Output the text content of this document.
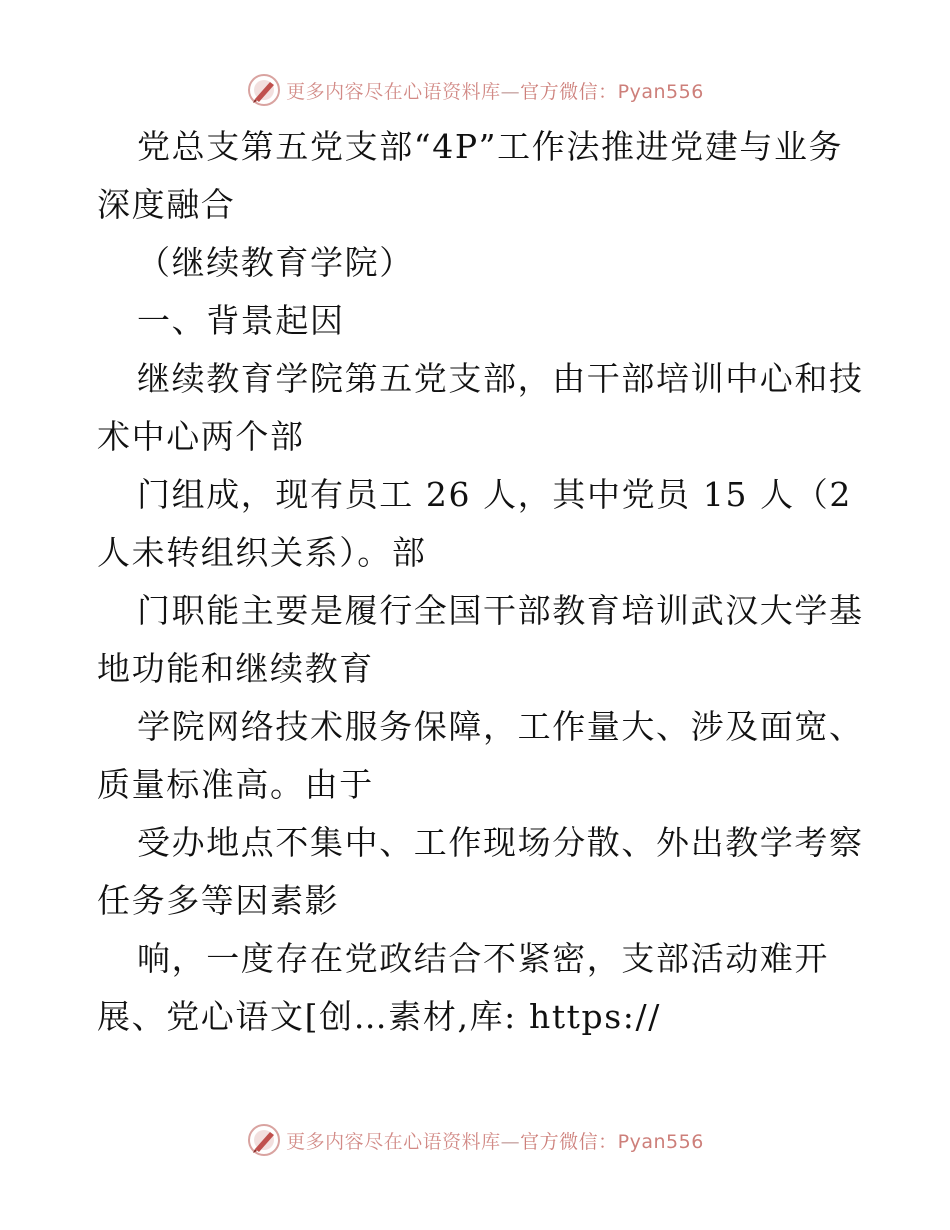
更多内容尽在心语资料库—官方微信：Pyan556
党总支第五党支部“4P”工作法推进党建与业务
深度融合
（继续教育学院）
一、背景起因
继续教育学院第五党支部，由干部培训中心和技
术中心两个部
门组成，现有员工 26 人，其中党员 15 人（2
人未转组织关系）。部
门职能主要是履行全国干部教育培训武汉大学基
地功能和继续教育
学院网络技术服务保障，工作量大、涉及面宽、
质量标准高。由于
受办地点不集中、工作现场分散、外出教学考察
任务多等因素影
响，一度存在党政结合不紧密，支部活动难开
展、党心语文[创…素材,库: https://
更多内容尽在心语资料库—官方微信：Pyan556
